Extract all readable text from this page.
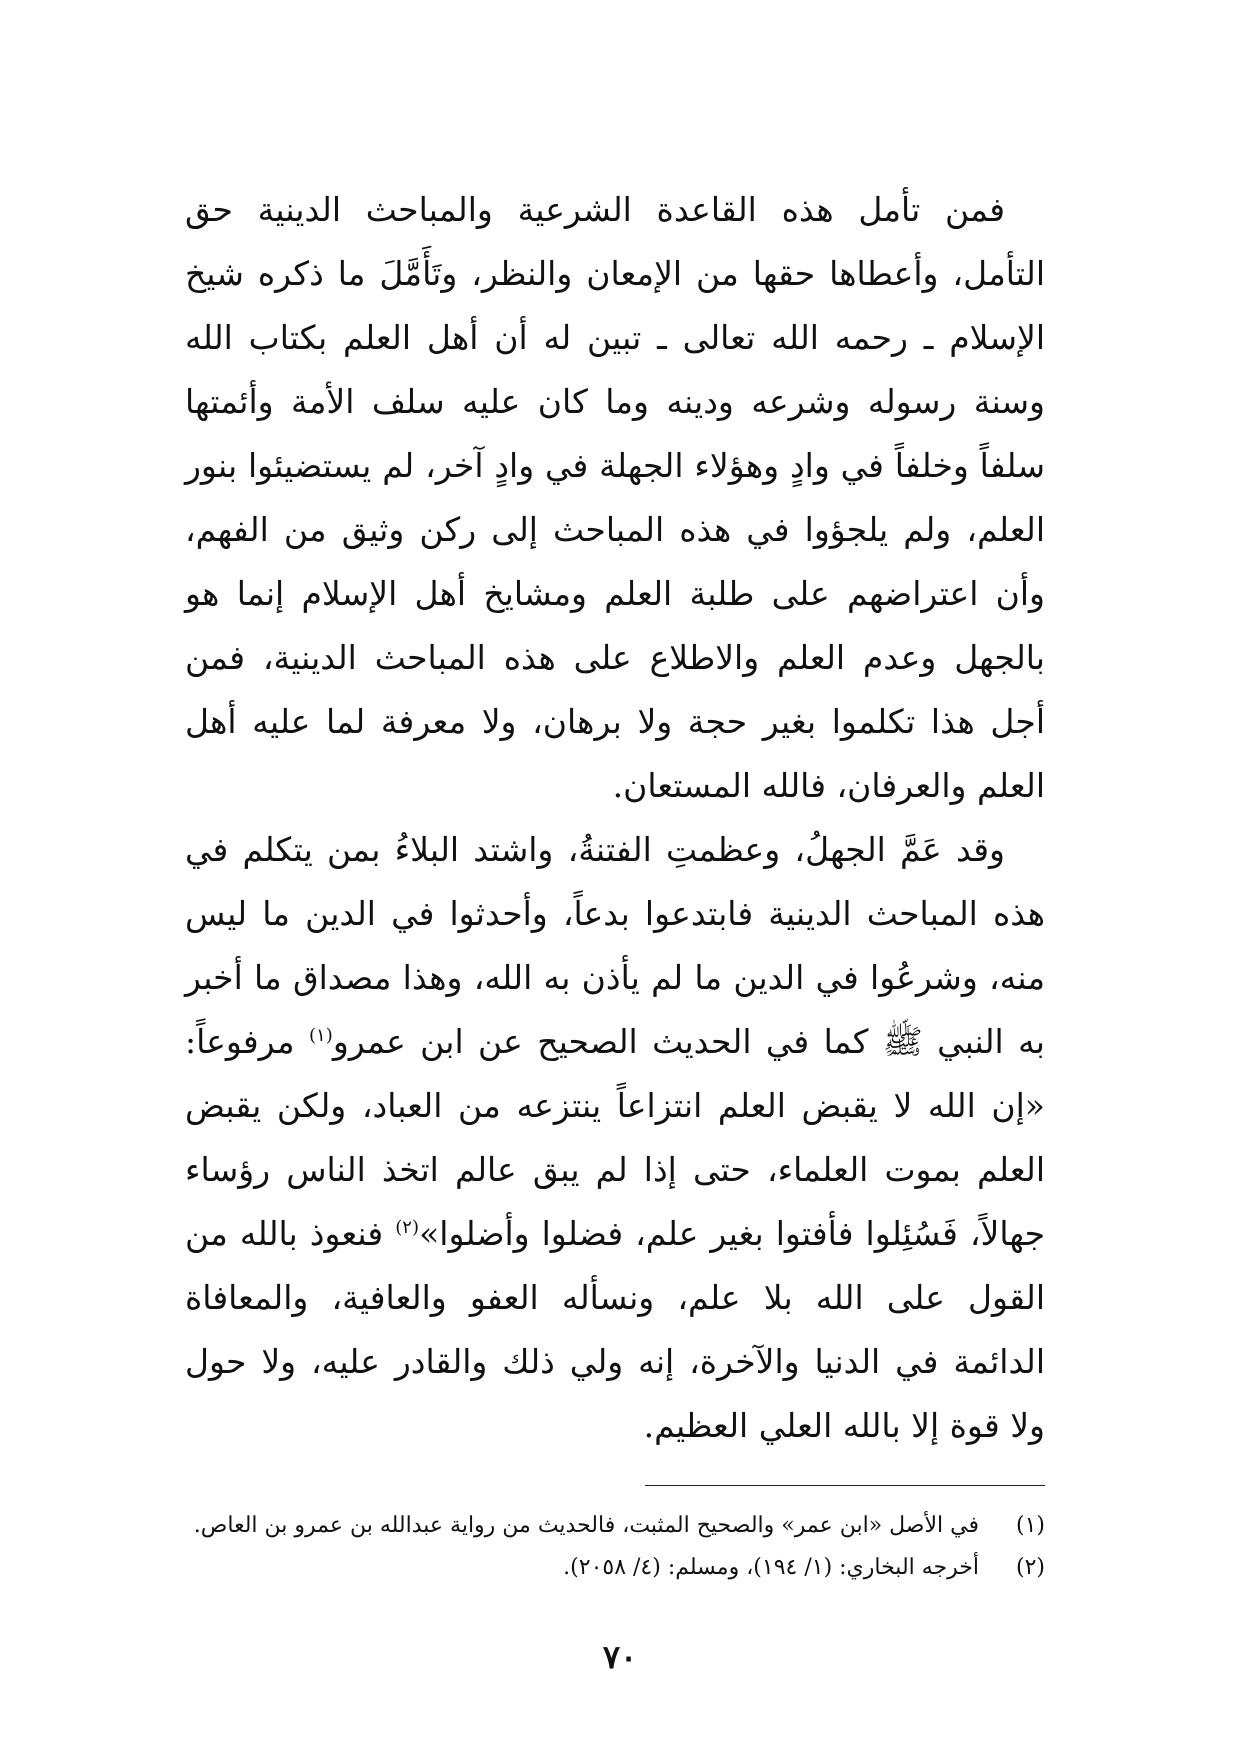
فمن تأمل هذه القاعدة الشرعية والمباحث الدينية حق التأمل، وأعطاها حقها من الإمعان والنظر، وتَأَمَّلَ ما ذكره شيخ الإسلام ـ رحمه الله تعالى ـ تبين له أن أهل العلم بكتاب الله وسنة رسوله وشرعه ودينه وما كان عليه سلف الأمة وأئمتها سلفاً وخلفاً في وادٍ وهؤلاء الجهلة في وادٍ آخر، لم يستضيئوا بنور العلم، ولم يلجؤوا في هذه المباحث إلى ركن وثيق من الفهم، وأن اعتراضهم على طلبة العلم ومشايخ أهل الإسلام إنما هو بالجهل وعدم العلم والاطلاع على هذه المباحث الدينية، فمن أجل هذا تكلموا بغير حجة ولا برهان، ولا معرفة لما عليه أهل العلم والعرفان، فالله المستعان.

وقد عَمَّ الجهلُ، وعظمتِ الفتنةُ، واشتد البلاءُ بمن يتكلم في هذه المباحث الدينية فابتدعوا بدعاً، وأحدثوا في الدين ما ليس منه، وشرعُوا في الدين ما لم يأذن به الله، وهذا مصداق ما أخبر به النبي ﷺ كما في الحديث الصحيح عن ابن عمرو$^{(١)}$ مرفوعاً: «إن الله لا يقبض العلم انتزاعاً ينتزعه من العباد، ولكن يقبض العلم بموت العلماء، حتى إذا لم يبق عالم اتخذ الناس رؤساء جهالاً، فَسُئِلوا فأفتوا بغير علم، فضلوا وأضلوا»$^{(٢)}$ فنعوذ بالله من القول على الله بلا علم، ونسأله العفو والعافية، والمعافاة الدائمة في الدنيا والآخرة، إنه ولي ذلك والقادر عليه، ولا حول ولا قوة إلا بالله العلي العظيم.

(١)
في الأصل «ابن عمر» والصحيح المثبت، فالحديث من رواية عبدالله بن عمرو بن العاص.
(٢)
أخرجه البخاري: (١/ ١٩٤)، ومسلم: (٤/ ٢٠٥٨).
٧٠
